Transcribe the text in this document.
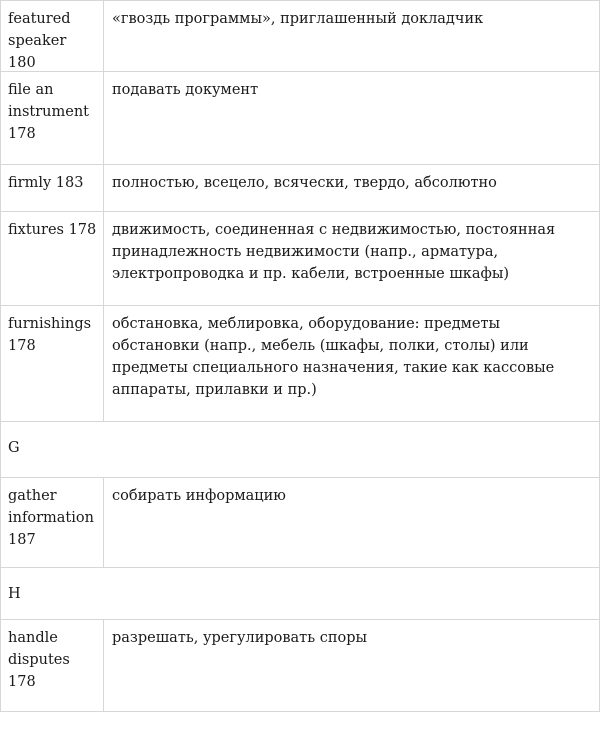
featured speaker 180
«гвоздь программы», приглашенный докладчик
file an instrument 178
подавать документ
firmly 183	полностью, всецело, всячески, твердо, абсолютно
fixtures 178	движимость, соединенная с недвижимостью, постоянная принадлежность недвижимости (напр., арматура, электропроводка и пр. кабели, встроенные шкафы)
furnishings 178
обстановка, меблировка, оборудование: предметы обстановки (напр., мебель (шкафы, полки, столы) или предметы специального назначения, такие как кассовые аппараты, прилавки и пр.)
G
gather information 187
собирать информацию
H
handle disputes 178
разрешать, урегулировать споры
